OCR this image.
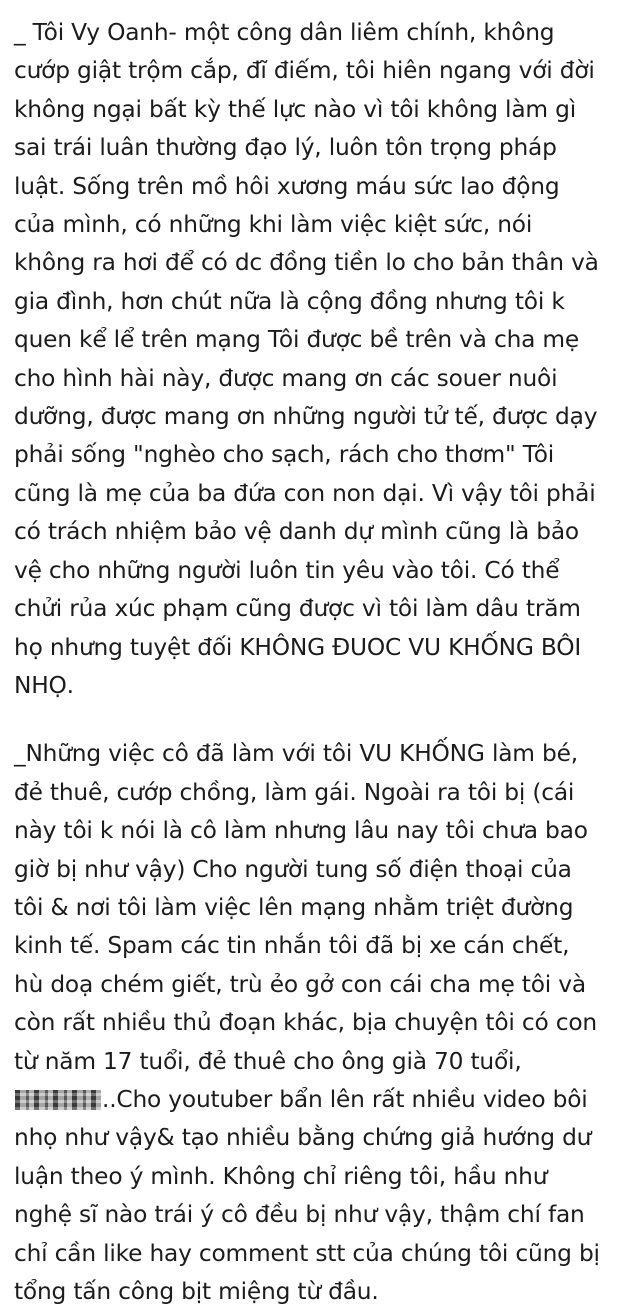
_ Tôi Vy Oanh- một công dân liêm chính, không cướp giật trộm cắp, đĩ điếm, tôi hiên ngang với đời không ngại bất kỳ thế lực nào vì tôi không làm gì sai trái luân thường đạo lý, luôn tôn trọng pháp luật. Sống trên mồ hôi xương máu sức lao động của mình, có những khi làm việc kiệt sức, nói không ra hơi để có dc đồng tiền lo cho bản thân và gia đình, hơn chút nữa là cộng đồng nhưng tôi k quen kể lể trên mạng Tôi được bề trên và cha mẹ cho hình hài này, được mang ơn các souer nuôi dưỡng, được mang ơn những người tử tế, được dạy phải sống "nghèo cho sạch, rách cho thơm" Tôi cũng là mẹ của ba đứa con non dại. Vì vậy tôi phải có trách nhiệm bảo vệ danh dự mình cũng là bảo vệ cho những người luôn tin yêu vào tôi. Có thể chửi rủa xúc phạm cũng được vì tôi làm dâu trăm họ nhưng tuyệt đối KHÔNG ĐUOC VU KHỐNG BÔI NHỌ.

_Những việc cô đã làm với tôi VU KHỐNG làm bé, đẻ thuê, cướp chồng, làm gái. Ngoài ra tôi bị (cái này tôi k nói là cô làm nhưng lâu nay tôi chưa bao giờ bị như vậy) Cho người tung số điện thoại của tôi & nơi tôi làm việc lên mạng nhằm triệt đường kinh tế. Spam các tin nhắn tôi đã bị xe cán chết, hù doạ chém giết, trù ẻo gở con cái cha mẹ tôi và còn rất nhiều thủ đoạn khác, bịa chuyện tôi có con từ năm 17 tuổi, đẻ thuê cho ông già 70 tuổi, ..Cho youtuber bẩn lên rất nhiều video bôi nhọ như vậy& tạo nhiều bằng chứng giả hướng dư luận theo ý mình. Không chỉ riêng tôi, hầu như nghệ sĩ nào trái ý cô đều bị như vậy, thậm chí fan chỉ cần like hay comment stt của chúng tôi cũng bị tổng tấn công bịt miệng từ đầu.
